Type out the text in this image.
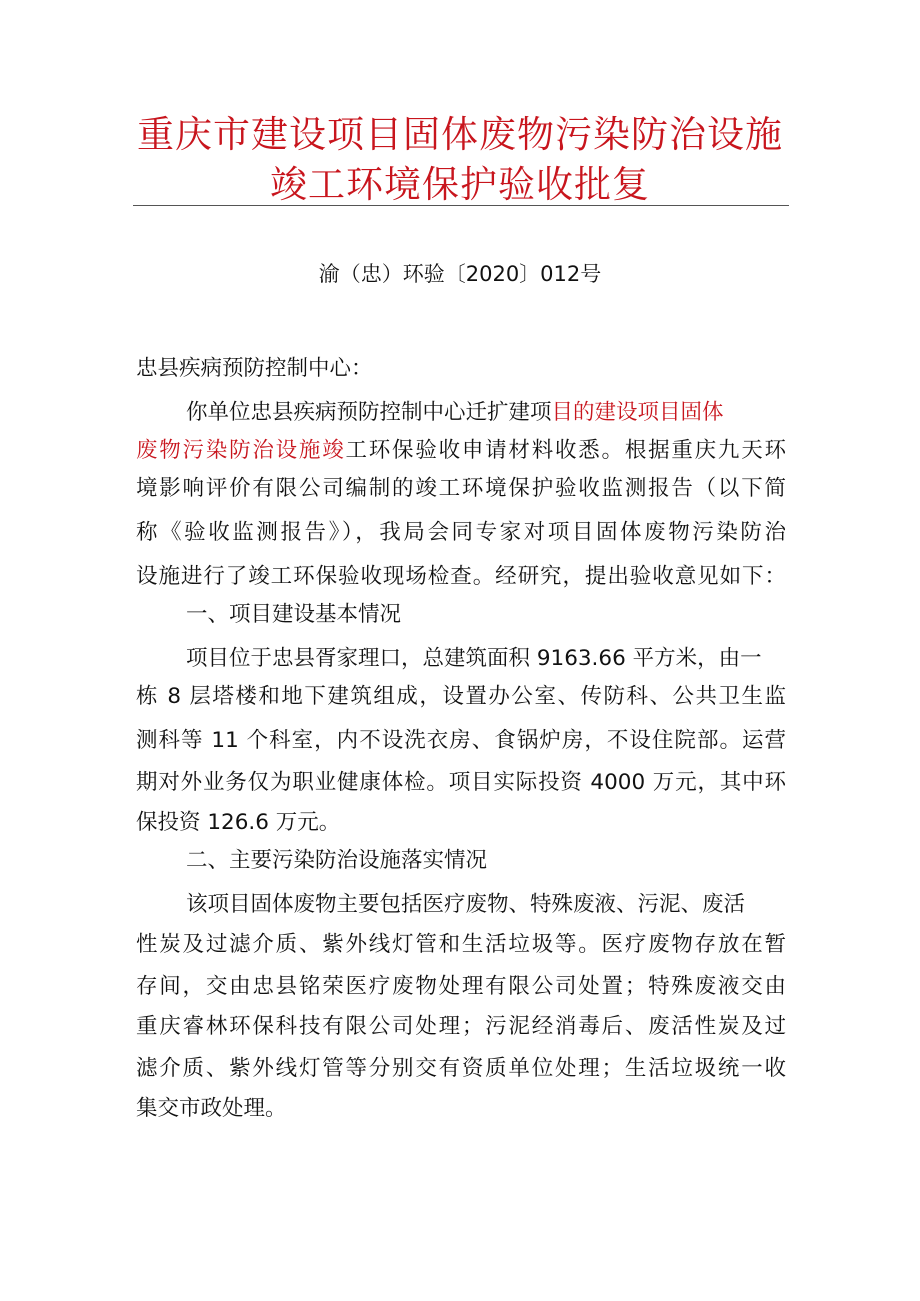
重庆市建设项目固体废物污染防治设施
竣工环境保护验收批复
渝（忠）环验〔2020〕012号
忠县疾病预防控制中心：
你单位忠县疾病预防控制中心迁扩建项目的建设项目固体
废物污染防治设施竣工环保验收申请材料收悉。根据重庆九天环
境影响评价有限公司编制的竣工环境保护验收监测报告（以下简
称《验收监测报告》），我局会同专家对项目固体废物污染防治
设施进行了竣工环保验收现场检查。经研究，提出验收意见如下：
一、项目建设基本情况
项目位于忠县胥家理口，总建筑面积 9163.66 平方米，由一
栋 8 层塔楼和地下建筑组成，设置办公室、传防科、公共卫生监
测科等 11 个科室，内不设洗衣房、食锅炉房，不设住院部。运营
期对外业务仅为职业健康体检。项目实际投资 4000 万元，其中环
保投资 126.6 万元。
二、主要污染防治设施落实情况
该项目固体废物主要包括医疗废物、特殊废液、污泥、废活
性炭及过滤介质、紫外线灯管和生活垃圾等。医疗废物存放在暂
存间，交由忠县铭荣医疗废物处理有限公司处置；特殊废液交由
重庆睿林环保科技有限公司处理；污泥经消毒后、废活性炭及过
滤介质、紫外线灯管等分别交有资质单位处理；生活垃圾统一收
集交市政处理。
